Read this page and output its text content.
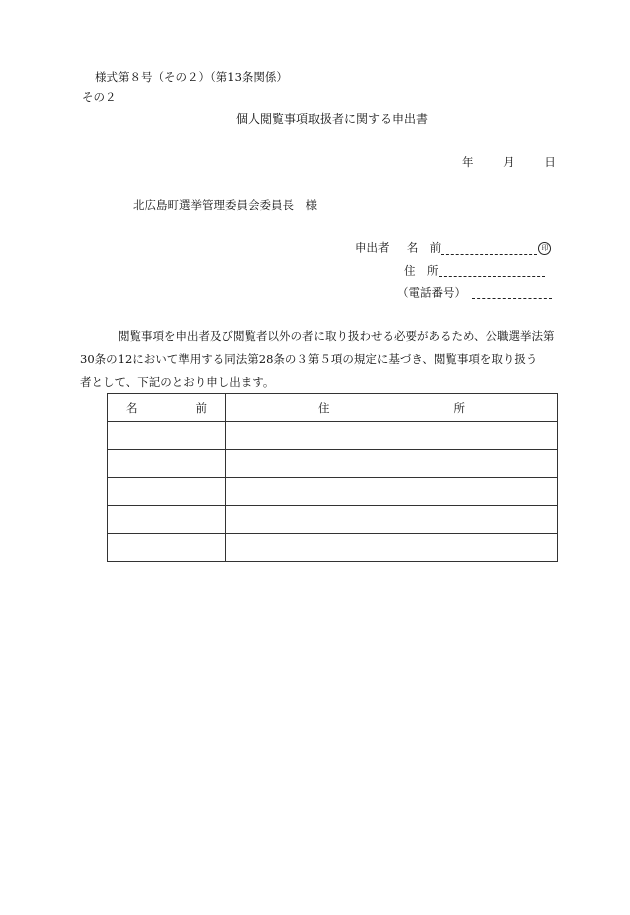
様式第８号（その２）（第13条関係）
その２
個人閲覧事項取扱者に関する申出書
年	月	日
北広島町選挙管理委員会委員長　様
申出者 名　前	印
住　所
（電話番号）

閲覧事項を申出者及び閲覧者以外の者に取り扱わせる必要があるため、公職選挙法第

30条の12において準用する同法第28条の３第５項の規定に基づき、閲覧事項を取り扱う

者として、下記のとおり申し出ます。

名 前	住 所
